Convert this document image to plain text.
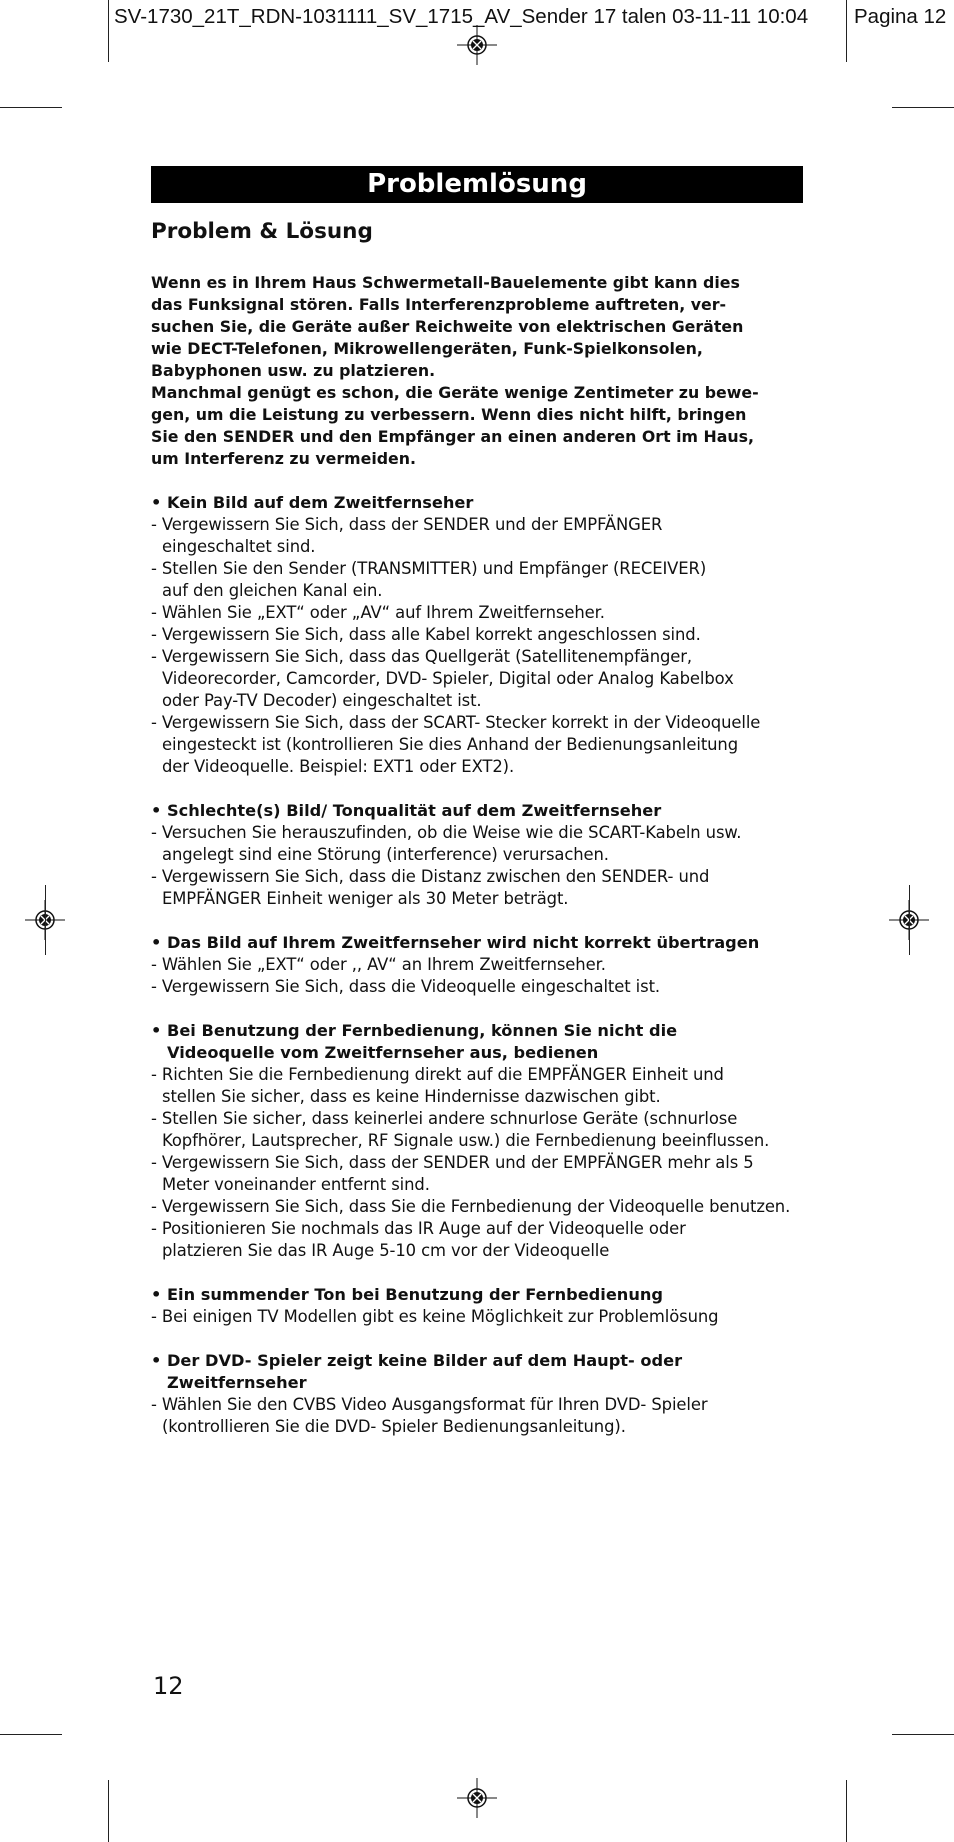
SV-1730_21T_RDN-1031111_SV_1715_AV_Sender 17 talen 03-11-11 10:04 Pagina 12
Problemlösung
Problem & Lösung

Wenn es in Ihrem Haus Schwermetall-Bauelemente gibt kann dies
das Funksignal stören. Falls Interferenzprobleme auftreten, ver-
suchen Sie, die Geräte außer Reichweite von elektrischen Geräten
wie DECT-Telefonen, Mikrowellengeräten, Funk-Spielkonsolen,
Babyphonen usw. zu platzieren.

Manchmal genügt es schon, die Geräte wenige Zentimeter zu bewe-
gen, um die Leistung zu verbessern. Wenn dies nicht hilft, bringen
Sie den SENDER und den Empfänger an einen anderen Ort im Haus,
um Interferenz zu vermeiden.

• Kein Bild auf dem Zweitfernseher
- Vergewissern Sie Sich, dass der SENDER und der EMPFÄNGER
eingeschaltet sind.
- Stellen Sie den Sender (TRANSMITTER) und Empfänger (RECEIVER)
auf den gleichen Kanal ein.
- Wählen Sie „EXT“ oder „AV“ auf Ihrem Zweitfernseher.
- Vergewissern Sie Sich, dass alle Kabel korrekt angeschlossen sind.
- Vergewissern Sie Sich, dass das Quellgerät (Satellitenempfänger,
Videorecorder, Camcorder, DVD- Spieler, Digital oder Analog Kabelbox
oder Pay-TV Decoder) eingeschaltet ist.
- Vergewissern Sie Sich, dass der SCART- Stecker korrekt in der Videoquelle
eingesteckt ist (kontrollieren Sie dies Anhand der Bedienungsanleitung
der Videoquelle. Beispiel: EXT1 oder EXT2).
• Schlechte(s) Bild/ Tonqualität auf dem Zweitfernseher
- Versuchen Sie herauszufinden, ob die Weise wie die SCART-Kabeln usw.
angelegt sind eine Störung (interference) verursachen.
- Vergewissern Sie Sich, dass die Distanz zwischen den SENDER- und
EMPFÄNGER Einheit weniger als 30 Meter beträgt.
• Das Bild auf Ihrem Zweitfernseher wird nicht korrekt übertragen
- Wählen Sie „EXT“ oder ,, AV“ an Ihrem Zweitfernseher.
- Vergewissern Sie Sich, dass die Videoquelle eingeschaltet ist.
• Bei Benutzung der Fernbedienung, können Sie nicht die
Videoquelle vom Zweitfernseher aus, bedienen
- Richten Sie die Fernbedienung direkt auf die EMPFÄNGER Einheit und
stellen Sie sicher, dass es keine Hindernisse dazwischen gibt.
- Stellen Sie sicher, dass keinerlei andere schnurlose Geräte (schnurlose
Kopfhörer, Lautsprecher, RF Signale usw.) die Fernbedienung beeinflussen.
- Vergewissern Sie Sich, dass der SENDER und der EMPFÄNGER mehr als 5
Meter voneinander entfernt sind.
- Vergewissern Sie Sich, dass Sie die Fernbedienung der Videoquelle benutzen.
- Positionieren Sie nochmals das IR Auge auf der Videoquelle oder
platzieren Sie das IR Auge 5-10 cm vor der Videoquelle
• Ein summender Ton bei Benutzung der Fernbedienung
- Bei einigen TV Modellen gibt es keine Möglichkeit zur Problemlösung
• Der DVD- Spieler zeigt keine Bilder auf dem Haupt- oder
Zweitfernseher
- Wählen Sie den CVBS Video Ausgangsformat für Ihren DVD- Spieler
(kontrollieren Sie die DVD- Spieler Bedienungsanleitung).
12
